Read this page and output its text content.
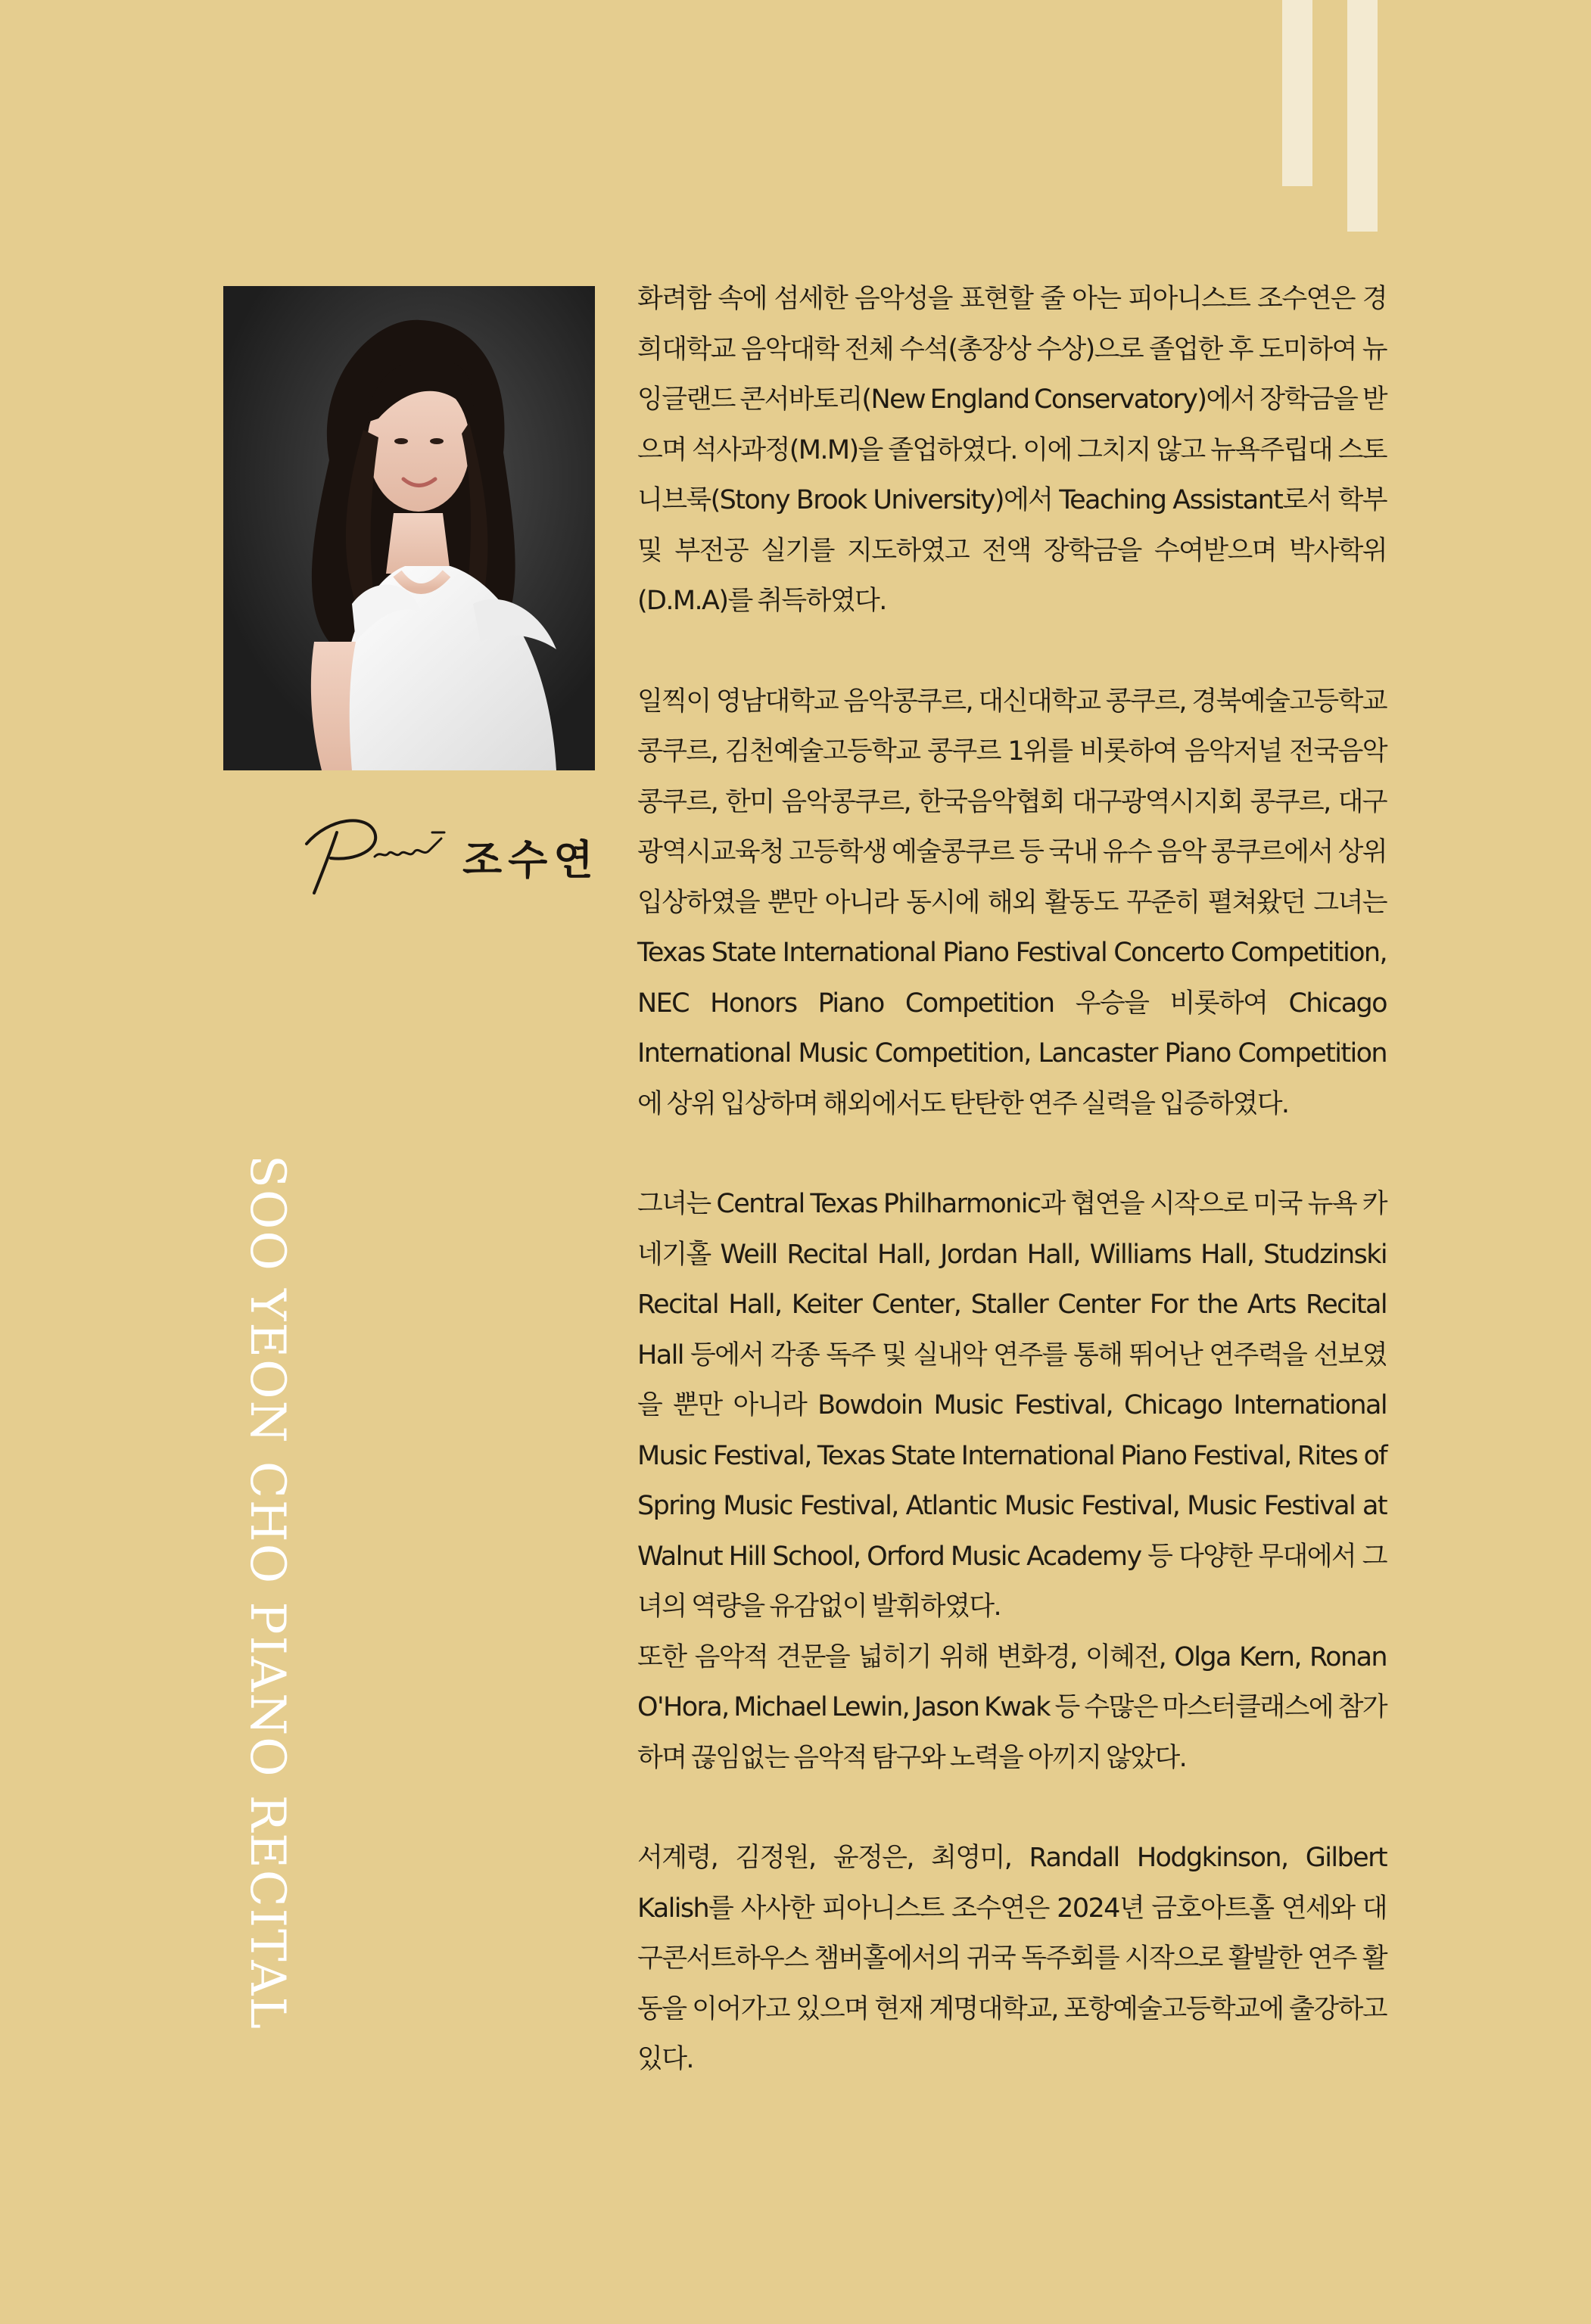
조수연
SOO YEON CHO PIANO RECITAL

화려함 속에 섬세한 음악성을 표현할 줄 아는 피아니스트 조수연은 경희대학교 음악대학 전체 수석(총장상 수상)으로 졸업한 후 도미하여 뉴 잉글랜드 콘서바토리(New England Conservatory)에서 장학금을 받으며 석사과정(M.M)을 졸업하였다. 이에 그치지 않고 뉴욕주립대 스토니브룩(Stony Brook University)에서 Teaching Assistant로서 학부 및 부전공 실기를 지도하였고 전액 장학금을 수여받으며 박사학위(D.M.A)를 취득하였다.

일찍이 영남대학교 음악콩쿠르, 대신대학교 콩쿠르, 경북예술고등학교 콩쿠르, 김천예술고등학교 콩쿠르 1위를 비롯하여 음악저널 전국음악콩쿠르, 한미 음악콩쿠르, 한국음악협회 대구광역시지회 콩쿠르, 대구광역시교육청 고등학생 예술콩쿠르 등 국내 유수 음악 콩쿠르에서 상위 입상하였을 뿐만 아니라 동시에 해외 활동도 꾸준히 펼쳐왔던 그녀는 Texas State International Piano Festival Concerto Competition, NEC Honors Piano Competition 우승을 비롯하여 Chicago International Music Competition, Lancaster Piano Competition에 상위 입상하며 해외에서도 탄탄한 연주 실력을 입증하였다.

그녀는 Central Texas Philharmonic과 협연을 시작으로 미국 뉴욕 카네기홀 Weill Recital Hall, Jordan Hall, Williams Hall, Studzinski Recital Hall, Keiter Center, Staller Center For the Arts Recital Hall 등에서 각종 독주 및 실내악 연주를 통해 뛰어난 연주력을 선보였을 뿐만 아니라 Bowdoin Music Festival, Chicago International Music Festival, Texas State International Piano Festival, Rites of Spring Music Festival, Atlantic Music Festival, Music Festival at Walnut Hill School, Orford Music Academy 등 다양한 무대에서 그녀의 역량을 유감없이 발휘하였다.

또한 음악적 견문을 넓히기 위해 변화경, 이혜전, Olga Kern, Ronan O'Hora, Michael Lewin, Jason Kwak 등 수많은 마스터클래스에 참가하며 끊임없는 음악적 탐구와 노력을 아끼지 않았다.

서계령, 김정원, 윤정은, 최영미, Randall Hodgkinson, Gilbert Kalish를 사사한 피아니스트 조수연은 2024년 금호아트홀 연세와 대구콘서트하우스 챔버홀에서의 귀국 독주회를 시작으로 활발한 연주 활동을 이어가고 있으며 현재 계명대학교, 포항예술고등학교에 출강하고 있다.
